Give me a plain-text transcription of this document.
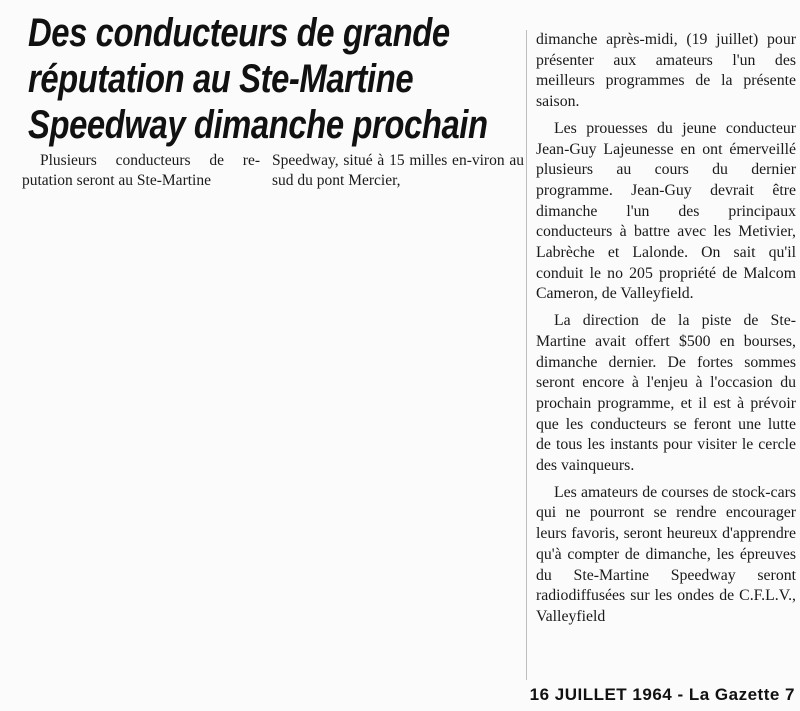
Des conducteurs de grande
réputation au Ste-Martine
Speedway dimanche prochain

Plusieurs conducteurs de re-putation seront au Ste-Martine

Speedway, situé à 15 milles en-viron au sud du pont Mercier,

dimanche après-midi, (19 juillet) pour présenter aux amateurs l'un des meilleurs programmes de la présente saison.

Les prouesses du jeune conducteur Jean-Guy Lajeunesse en ont émerveillé plusieurs au cours du dernier programme. Jean-Guy devrait être dimanche l'un des principaux conducteurs à battre avec les Metivier, Labrèche et Lalonde. On sait qu'il conduit le no 205 propriété de Malcom Cameron, de Valleyfield.

La direction de la piste de Ste-Martine avait offert $500 en bourses, dimanche dernier. De fortes sommes seront encore à l'enjeu à l'occasion du prochain programme, et il est à prévoir que les conducteurs se feront une lutte de tous les instants pour visiter le cercle des vainqueurs.

Les amateurs de courses de stock-cars qui ne pourront se rendre encourager leurs favoris, seront heureux d'apprendre qu'à compter de dimanche, les épreuves du Ste-Martine Speedway seront radiodiffusées sur les ondes de C.F.L.V., Valleyfield

16 JUILLET 1964 - La Gazette 7
